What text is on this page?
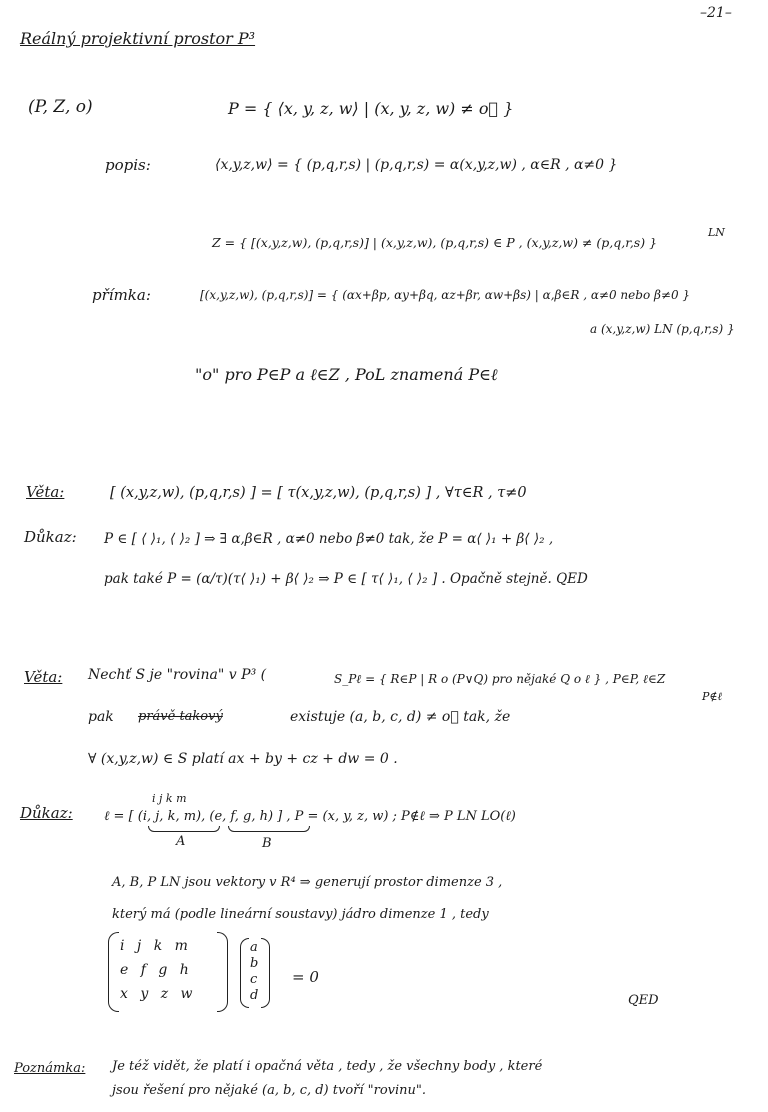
–21–
Reálný projektivní prostor P³
(P, Z, o)	P = { ⟨x, y, z, w⟩ | (x, y, z, w) ≠ o⃗ }
popis:	⟨x,y,z,w⟩ = { (p,q,r,s) | (p,q,r,s) = α(x,y,z,w) , α∈R , α≠0 }
LN
Z = { [(x,y,z,w), (p,q,r,s)] | (x,y,z,w), (p,q,r,s) ∈ P , (x,y,z,w) ≠ (p,q,r,s) }
přímka:	[(x,y,z,w), (p,q,r,s)] = { (αx+βp, αy+βq, αz+βr, αw+βs) | α,β∈R , α≠0 nebo β≠0 }
a (x,y,z,w) LN (p,q,r,s) }
"o" pro P∈P a ℓ∈Z , PoL znamená P∈ℓ
Věta:	[ (x,y,z,w), (p,q,r,s) ] = [ τ(x,y,z,w), (p,q,r,s) ] , ∀τ∈R , τ≠0
Důkaz: P ∈ [ ⟨ ⟩₁, ⟨ ⟩₂ ] ⇒ ∃ α,β∈R , α≠0 nebo β≠0 tak, že P = α⟨ ⟩₁ + β⟨ ⟩₂ ,
pak také P = (α/τ)(τ⟨ ⟩₁) + β⟨ ⟩₂ ⇒ P ∈ [ τ⟨ ⟩₁, ⟨ ⟩₂ ] . Opačně stejně. QED
Věta: Nechť S je "rovina" v P³ (	S_Pℓ = { R∈P | R o (P∨Q) pro nějaké Q o ℓ } , P∈P, ℓ∈Z
P∉ℓ
pak právě takový	existuje (a, b, c, d) ≠ o⃗ tak, že
∀ (x,y,z,w) ∈ S platí ax + by + cz + dw = 0 .
Důkaz:
i j k m
ℓ = [ (i, j, k, m), (e, f, g, h) ] , P = (x, y, z, w) ; P∉ℓ ⇒ P LN LO(ℓ)
A	B
A, B, P LN jsou vektory v R⁴ ⇒ generují prostor dimenze 3 ,
který má (podle lineární soustavy) jádro dimenze 1 , tedy
i j k m
e f g h
x y z w
a
b
c
d
= 0
QED
Poznámka: Je též vidět, že platí i opačná věta , tedy , že všechny body , které
jsou řešení pro nějaké (a, b, c, d) tvoří "rovinu".
